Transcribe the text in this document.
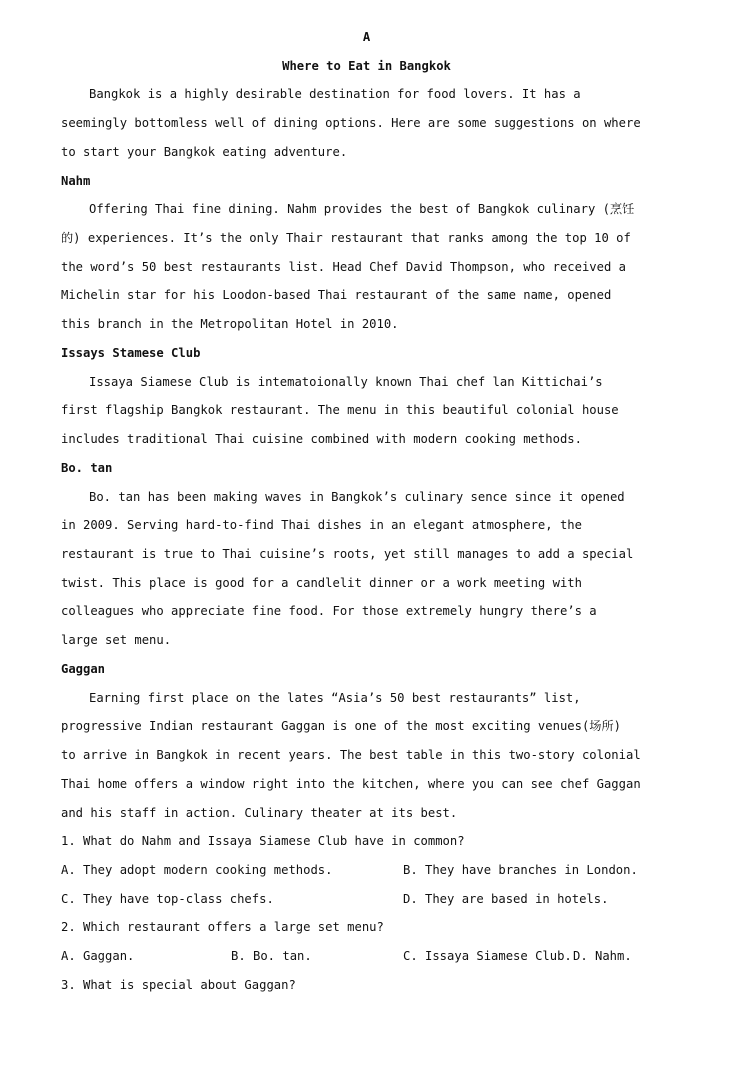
A
Where to Eat in Bangkok
Bangkok is a highly desirable destination for food lovers. It has a
seemingly bottomless well of dining options. Here are some suggestions on where
to start your Bangkok eating adventure.
Nahm
Offering Thai fine dining. Nahm provides the best of Bangkok culinary (烹饪
的) experiences. It’s the only Thair restaurant that ranks among the top 10 of
the word’s 50 best restaurants list. Head Chef David Thompson, who received a
Michelin star for his Loodon-based Thai restaurant of the same name, opened
this branch in the Metropolitan Hotel in 2010.
Issays Stamese Club
Issaya Siamese Club is intematoionally known Thai chef lan Kittichai’s
first flagship Bangkok restaurant. The menu in this beautiful colonial house
includes traditional Thai cuisine combined with modern cooking methods.
Bo. tan
Bo. tan has been making waves in Bangkok’s culinary sence since it opened
in 2009. Serving hard-to-find Thai dishes in an elegant atmosphere, the
restaurant is true to Thai cuisine’s roots, yet still manages to add a special
twist. This place is good for a candlelit dinner or a work meeting with
colleagues who appreciate fine food. For those extremely hungry there’s a
large set menu.
Gaggan
Earning first place on the lates “Asia’s 50 best restaurants” list,
progressive Indian restaurant Gaggan is one of the most exciting venues(场所)
to arrive in Bangkok in recent years. The best table in this two-story colonial
Thai home offers a window right into the kitchen, where you can see chef Gaggan
and his staff in action. Culinary theater at its best.
1. What do Nahm and Issaya Siamese Club have in common?
A. They adopt modern cooking methods.	B. They have branches in London.
C. They have top-class chefs.	D. They are based in hotels.
2. Which restaurant offers a large set menu?
A. Gaggan.	B. Bo. tan.	C. Issaya Siamese Club. D. Nahm.
3. What is special about Gaggan?
